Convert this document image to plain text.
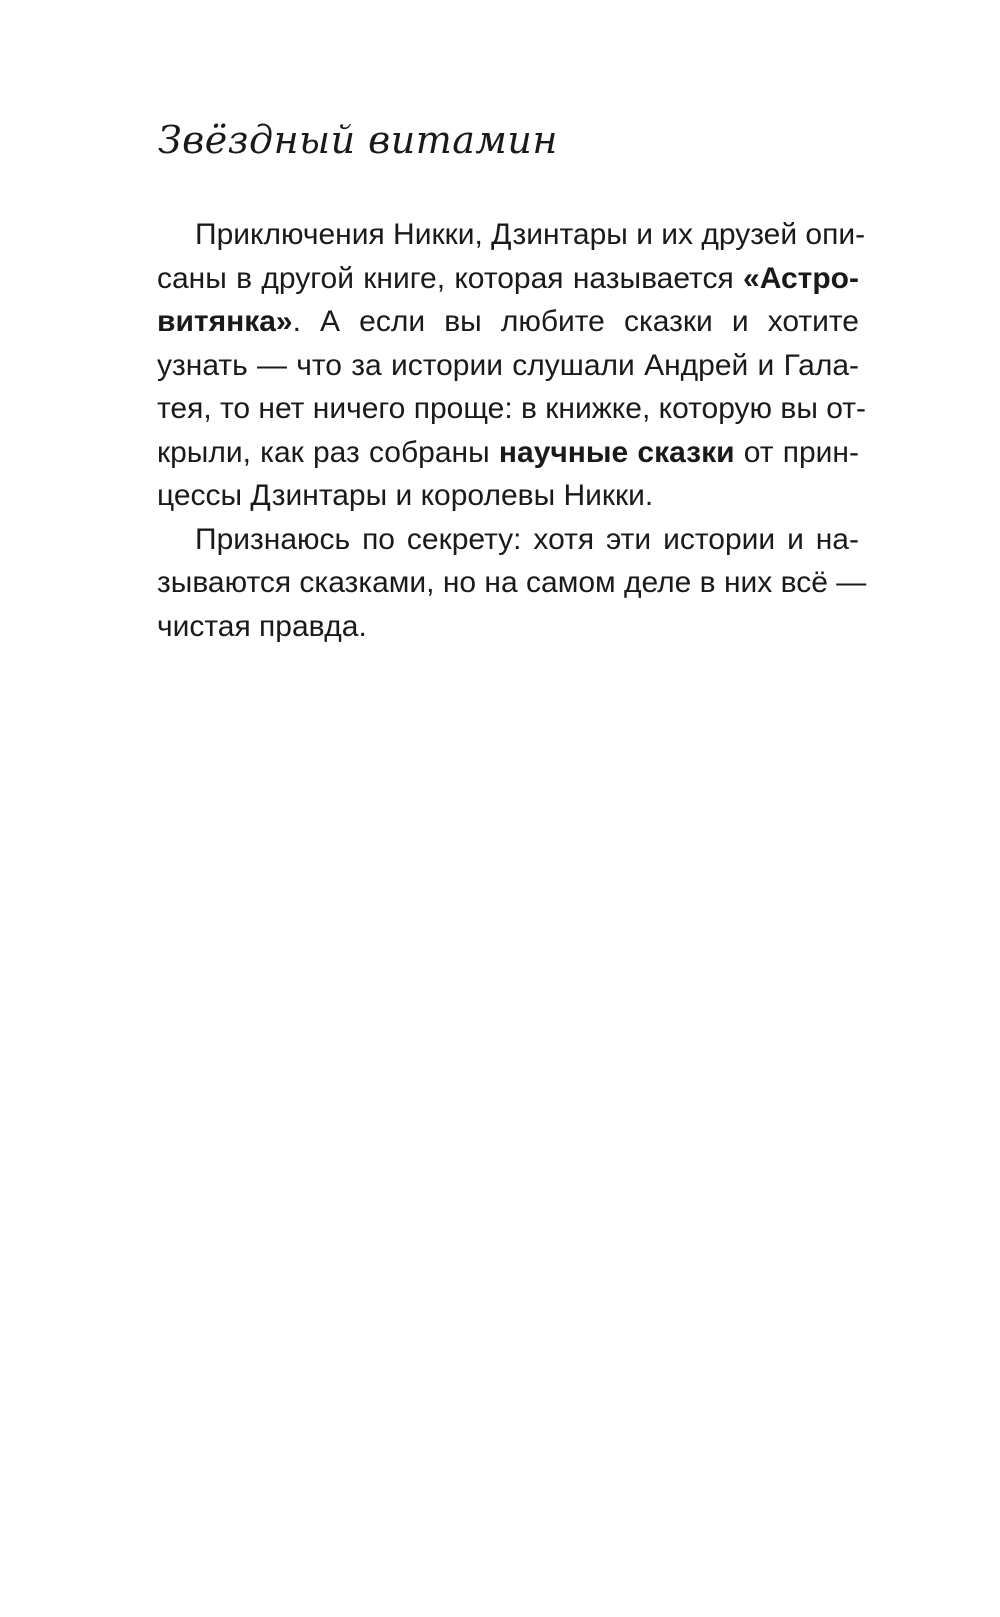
Звёздный витамин
Приключения Никки, Дзинтары и их друзей опи-
саны в другой книге, которая называется «Астро-
витянка». А если вы любите сказки и хотите
узнать — что за истории слушали Андрей и Гала-
тея, то нет ничего проще: в книжке, которую вы от-
крыли, как раз собраны научные сказки от прин-
цессы Дзинтары и королевы Никки.
Признаюсь по секрету: хотя эти истории и на-
зываются сказками, но на самом деле в них всё —
чистая правда.
